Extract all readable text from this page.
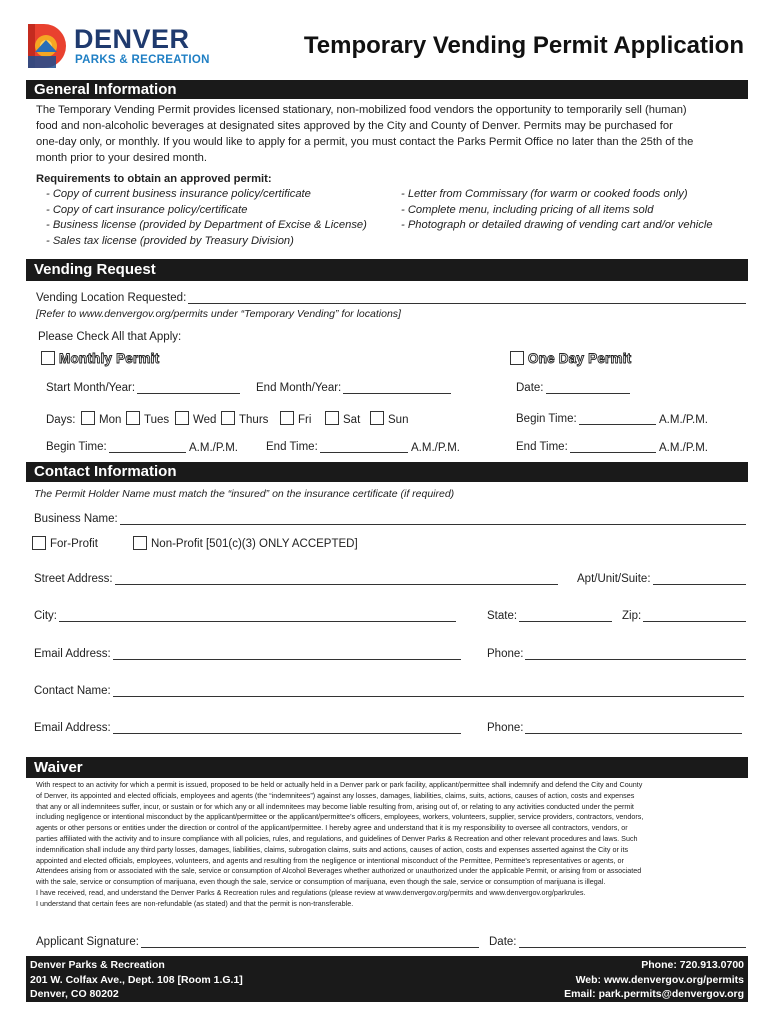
DENVER
PARKS & RECREATION
Temporary Vending Permit Application
General Information
The Temporary Vending Permit provides licensed stationary, non-mobilized food vendors the opportunity to temporarily sell (human)
food and non-alcoholic beverages at designated sites approved by the City and County of Denver. Permits may be purchased for
one-day only, or monthly. If you would like to apply for a permit, you must contact the Parks Permit Office no later than the 25th of the
month prior to your desired month.
Requirements to obtain an approved permit:
- Copy of current business insurance policy/certificate
- Copy of cart insurance policy/certificate
- Business license (provided by Department of Excise & License)
- Sales tax license (provided by Treasury Division)
- Letter from Commissary (for warm or cooked foods only)
- Complete menu, including pricing of all items sold
- Photograph or detailed drawing of vending cart and/or vehicle
Vending Request
Vending Location Requested:
[Refer to www.denvergov.org/permits under “Temporary Vending” for locations]
Please Check All that Apply:
Monthly Permit	One Day Permit
Start Month/Year:	End Month/Year:	Date:
Days: Mon Tues Wed Thurs	Fri	Sat Sun	Begin Time:	A.M./P.M.
Begin Time:	A.M./P.M. End Time:	A.M./P.M.	End Time:	A.M./P.M.
Contact Information
The Permit Holder Name must match the “insured” on the insurance certificate (if required)
Business Name:
For-Profit	Non-Profit [501(c)(3) ONLY ACCEPTED]
Street Address:	Apt/Unit/Suite:
City:	State:	Zip:
Email Address:	Phone:
Contact Name:
Email Address:	Phone:
Waiver
With respect to an activity for which a permit is issued, proposed to be held or actually held in a Denver park or park facility, applicant/permittee shall indemnify and defend the City and County
of Denver, its appointed and elected officials, employees and agents (the “indemnitees”) against any losses, damages, liabilities, claims, suits, actions, causes of action, costs and expenses
that any or all indemnitees suffer, incur, or sustain or for which any or all indemnitees may become liable resulting from, arising out of, or relating to any activities conducted under the permit
including negligence or intentional misconduct by the applicant/permittee or the applicant/permittee’s officers, employees, workers, volunteers, supplier, service providers, contractors, vendors,
agents or other persons or entities under the direction or control of the applicant/permittee. I hereby agree and understand that it is my responsibility to oversee all contractors, vendors, or
parties affiliated with the activity and to insure compliance with all policies, rules, and regulations, and guidelines of Denver Parks & Recreation and other relevant procedures and laws. Such
indemnification shall include any third party losses, damages, liabilities, claims, subrogation claims, suits and actions, causes of action, costs and expenses asserted against the City or its
appointed and elected officials, employees, volunteers, and agents and resulting from the negligence or intentional misconduct of the Permittee, Permittee’s representatives or agents, or
Attendees arising from or associated with the sale, service or consumption of Alcohol Beverages whether authorized or unauthorized under the applicable Permit, or arising from or associated
with the sale, service or consumption of marijuana, even though the sale, service or consumption of marijuana, even though the sale, service or consumption of marijuana is illegal.
I have received, read, and understand the Denver Parks & Recreation rules and regulations (please review at www.denvergov.org/permits and www.denvergov.org/parkrules.
I understand that certain fees are non-refundable (as stated) and that the permit is non-transferable.
Applicant Signature:	Date:
Denver Parks & Recreation
201 W. Colfax Ave., Dept. 108 [Room 1.G.1]
Denver, CO 80202
Phone: 720.913.0700
Web: www.denvergov.org/permits
Email: park.permits@denvergov.org
